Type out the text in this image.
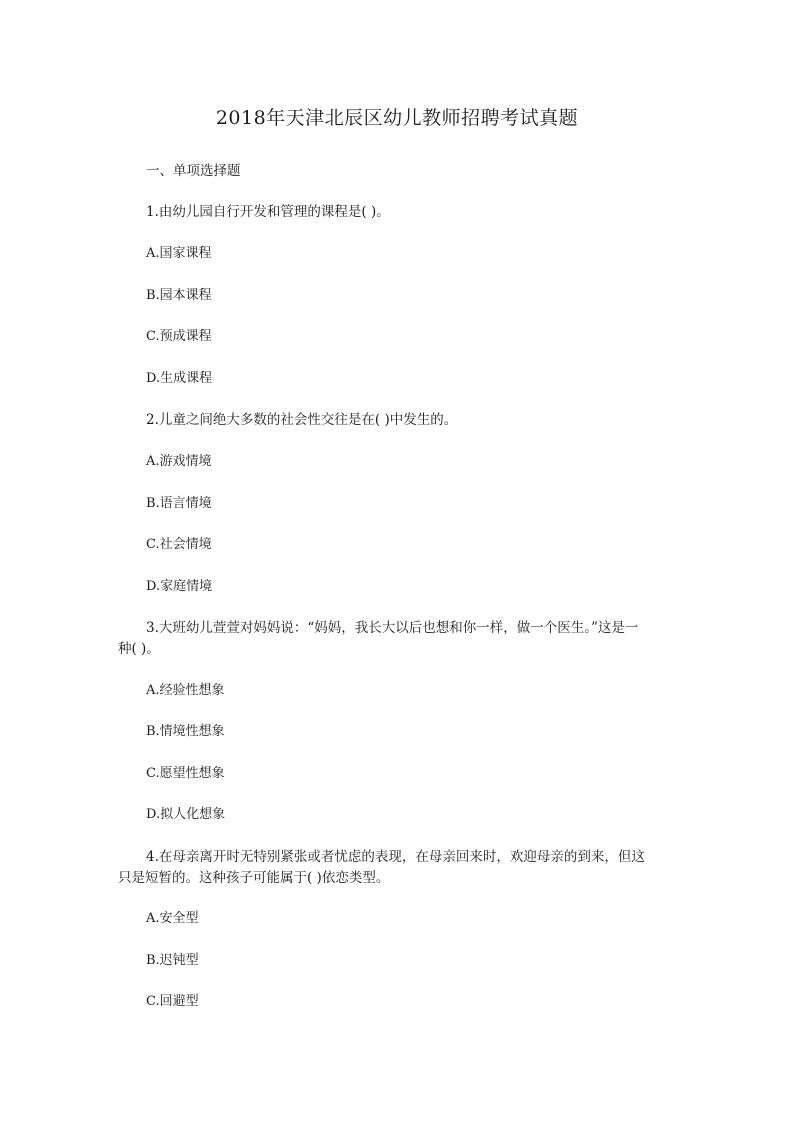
2018年天津北辰区幼儿教师招聘考试真题
一、单项选择题
1.由幼儿园自行开发和管理的课程是( )。
A.国家课程
B.园本课程
C.预成课程
D.生成课程
2.儿童之间绝大多数的社会性交往是在( )中发生的。
A.游戏情境
B.语言情境
C.社会情境
D.家庭情境
3.大班幼儿萱萱对妈妈说：“妈妈，我长大以后也想和你一样，做一个医生。”这是一
种( )。
A.经验性想象
B.情境性想象
C.愿望性想象
D.拟人化想象
4.在母亲离开时无特别紧张或者忧虑的表现，在母亲回来时，欢迎母亲的到来，但这
只是短暂的。这种孩子可能属于( )依恋类型。
A.安全型
B.迟钝型
C.回避型
